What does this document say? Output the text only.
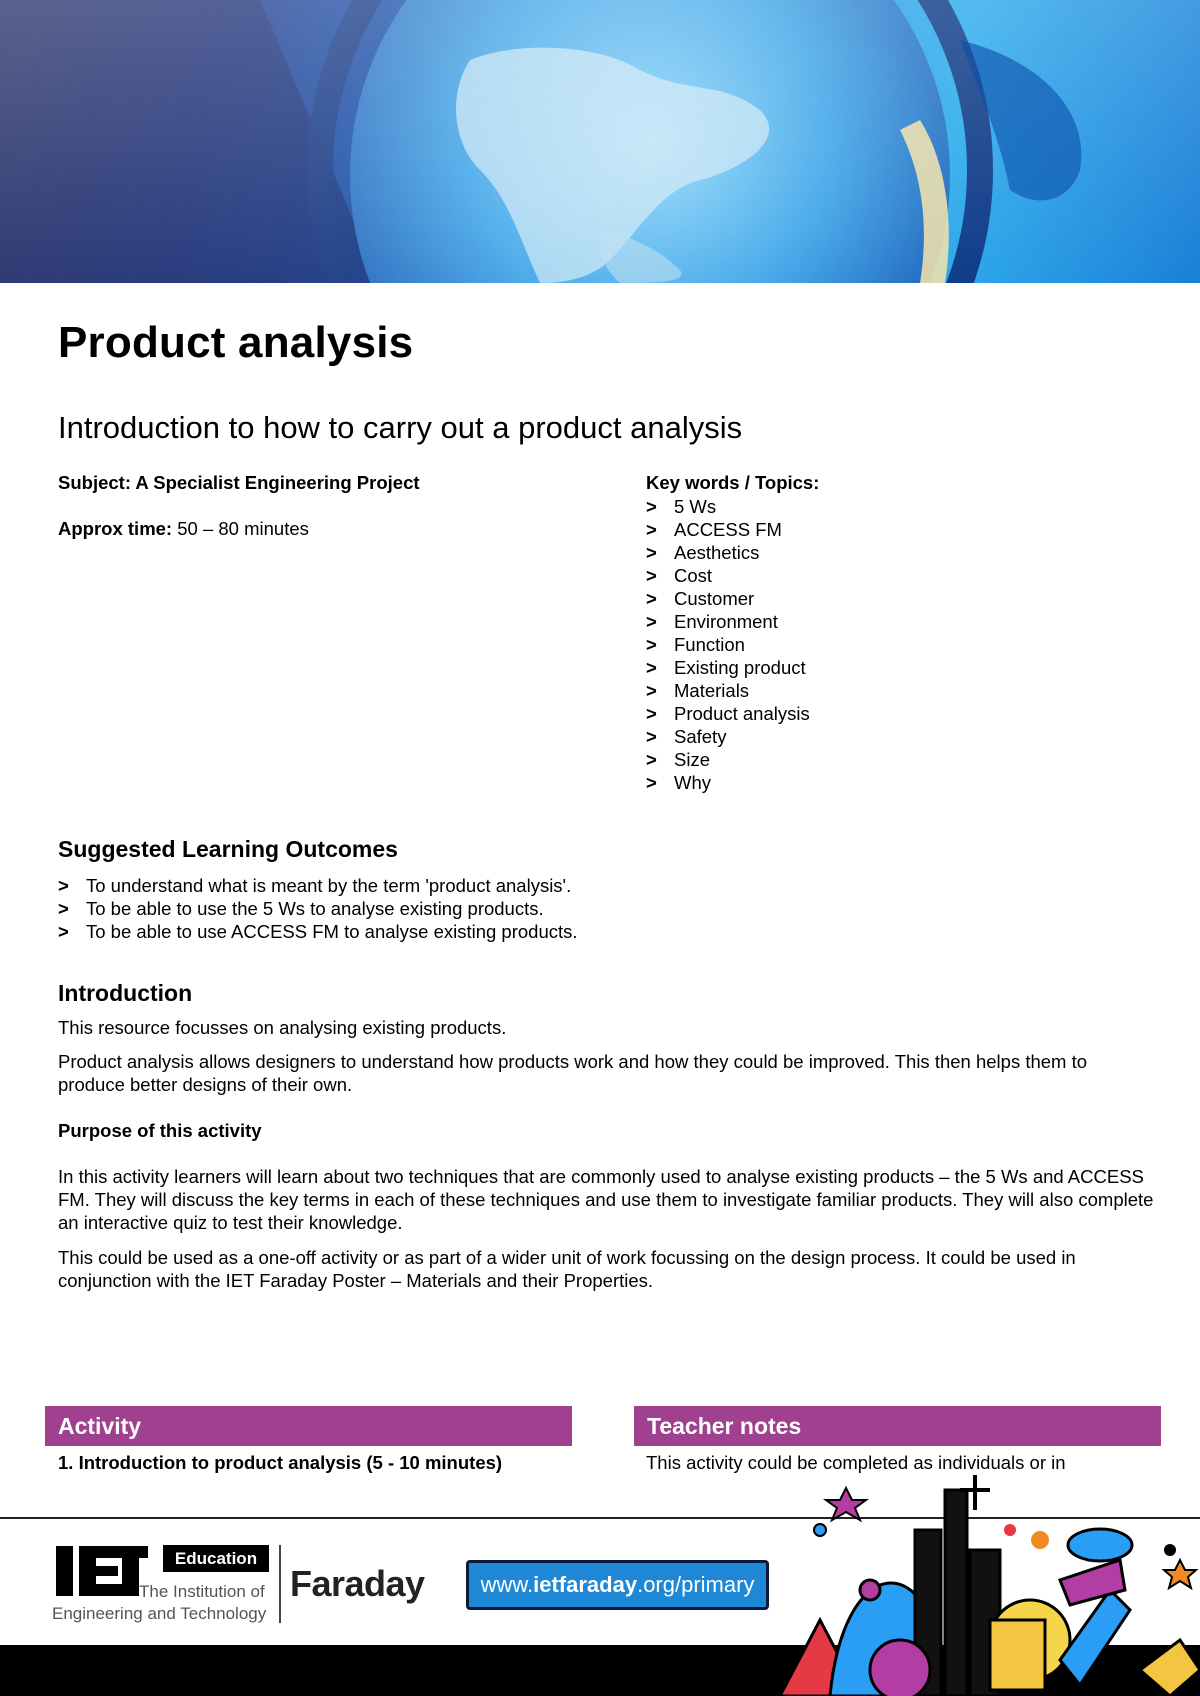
Product analysis
Introduction to how to carry out a product analysis
Subject: A Specialist Engineering Project
Approx time: 50 – 80 minutes
Key words / Topics:
> 5 Ws
> ACCESS FM
> Aesthetics
> Cost
> Customer
> Environment
> Function
> Existing product
> Materials
> Product analysis
> Safety
> Size
> Why
Suggested Learning Outcomes
> To understand what is meant by the term 'product analysis'.
> To be able to use the 5 Ws to analyse existing products.
> To be able to use ACCESS FM to analyse existing products.
Introduction
This resource focusses on analysing existing products.
Product analysis allows designers to understand how products work and how they could be improved. This then helps them to produce better designs of their own.
Purpose of this activity
In this activity learners will learn about two techniques that are commonly used to analyse existing products – the 5 Ws and ACCESS FM. They will discuss the key terms in each of these techniques and use them to investigate familiar products. They will also complete an interactive quiz to test their knowledge.
This could be used as a one-off activity or as part of a wider unit of work focussing on the design process. It could be used in conjunction with the IET Faraday Poster – Materials and their Properties.
Activity	Teacher notes
1. Introduction to product analysis (5 - 10 minutes)	This activity could be completed as individuals or in
Education
The Institution of
Engineering and Technology
Faraday	www.ietfaraday.org/primary
